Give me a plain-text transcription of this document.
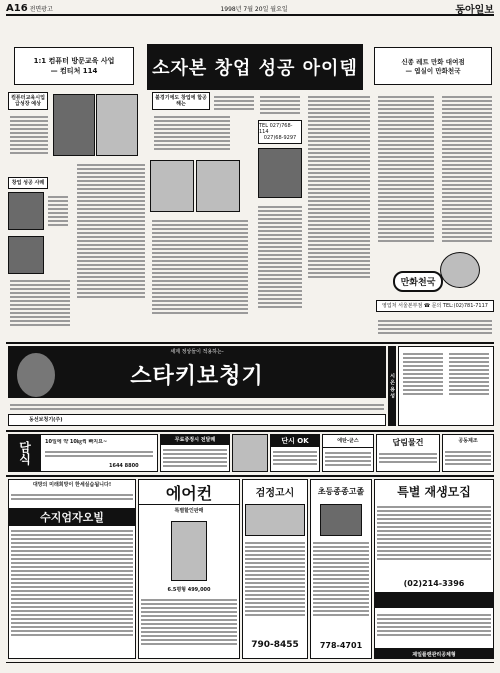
A16 전면광고	1998년 7월 20일 월요일	동아일보
1:1 컴퓨터 방문교육 사업
— 컴티처 114	소자본 창업 성공 아이템	신종 레트 만화 대여점
— 엽실이 만화천국
컴퓨터교육시업 급성장 예상
창업 성공 사례
불경기에도 창업에 합공해는
TEL 027)768-114
027)68-9297
만화천국
영업처 서울본부점 ☎ 문의 TEL:(02)781-7117
세계 정상들이 적용하는-
스타키보청기
동선보청기(주)
시 온 용 성
담식	10일에 약 10㎏씩 빠지요~
1644 8800
무료증정시 전달례	단시 OK	에탄-균스	답림물건	공동제조
대망의 미래희망이 한세실습됩니다!
수지엄자오빌
에어컨
특별할인판매
6.5평형 499,000
검정고시
790-8455
초등종종고졸
778-4701
특별 재생모집
(02)214-3396
제일플랜관리공체형
